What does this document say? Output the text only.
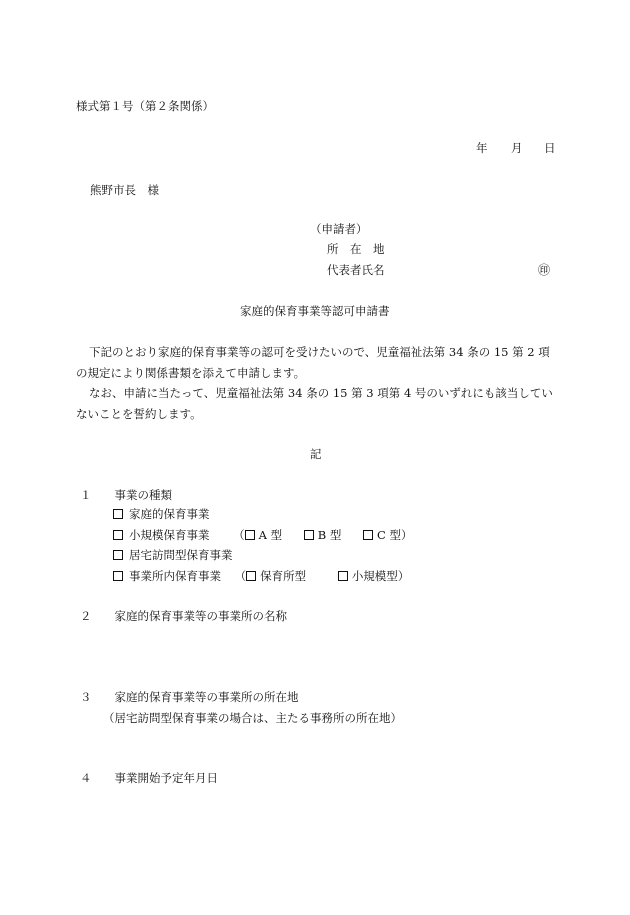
様式第１号（第２条関係）
年 月 日
熊野市長　様
（申請者）
所　在　地
代表者氏名	㊞
家庭的保育事業等認可申請書
下記のとおり家庭的保育事業等の認可を受けたいので、児童福祉法第 34 条の 15 第 2 項
の規定により関係書類を添えて申請します。
なお、申請に当たって、児童福祉法第 34 条の 15 第 3 項第 4 号のいずれにも該当してい
ないことを誓約します。
記
１　　事業の種類
家庭的保育事業
小規模保育事業 （ A 型	B 型	C 型）
居宅訪問型保育事業
事業所内保育事業 （ 保育所型	小規模型）
２　　家庭的保育事業等の事業所の名称
３　　家庭的保育事業等の事業所の所在地
（居宅訪問型保育事業の場合は、主たる事務所の所在地）
４　　事業開始予定年月日
